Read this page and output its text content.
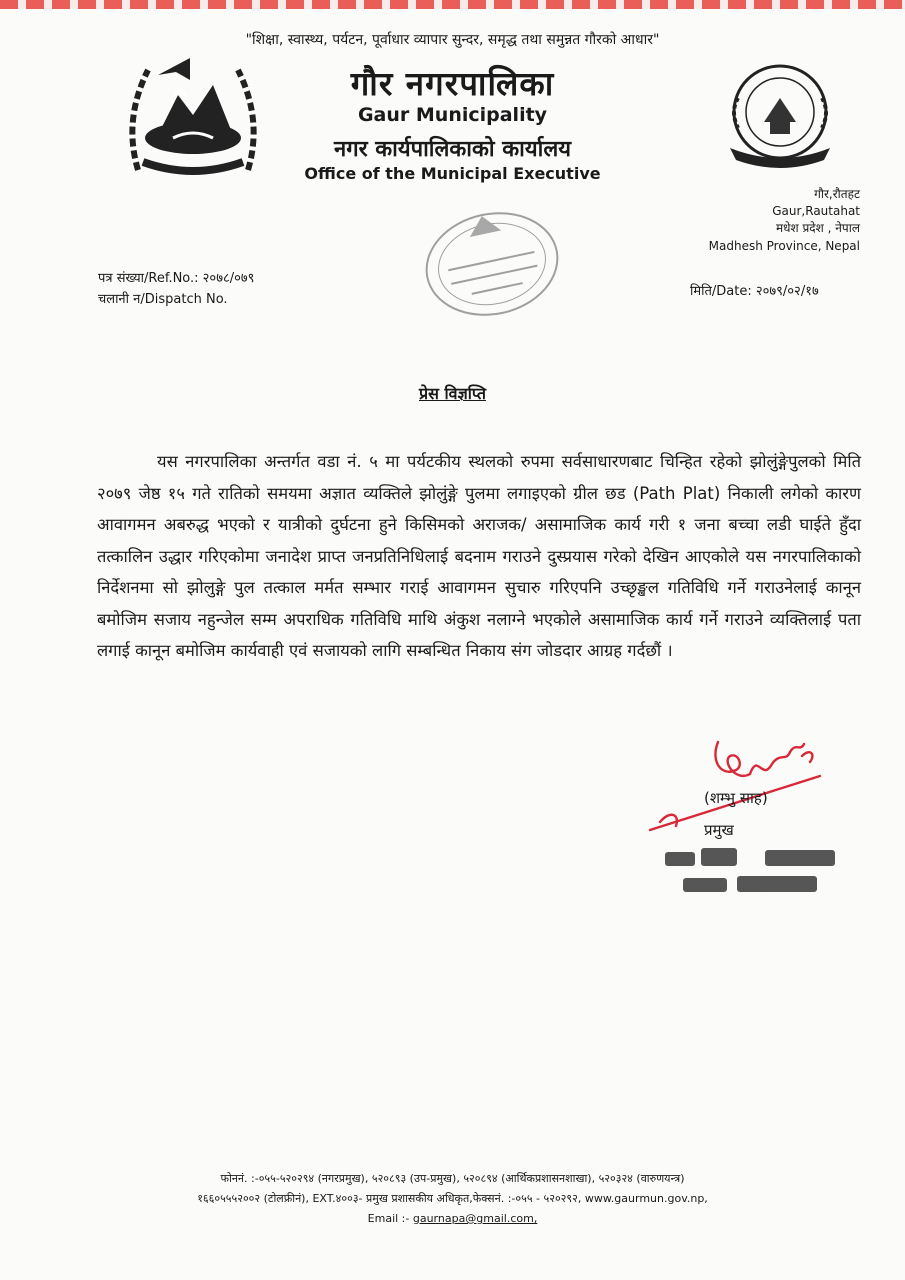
"शिक्षा, स्वास्थ्य, पर्यटन, पूर्वाधार व्यापार सुन्दर, समृद्ध तथा समुन्नत गौरको आधार"
गौर नगरपालिका
Gaur Municipality
नगर कार्यपालिकाको कार्यालय
Office of the Municipal Executive
गौर,रौतहट
Gaur,Rautahat
मधेश प्रदेश , नेपाल
Madhesh Province, Nepal
पत्र संख्या/Ref.No.: २०७८/०७९
चलानी न/Dispatch No.
मिति/Date: २०७९/०२/१७
प्रेस विज्ञप्ति
यस नगरपालिका अन्तर्गत वडा नं. ५ मा पर्यटकीय स्थलको रुपमा सर्वसाधारणबाट चिन्हित रहेको झोलुंङ्गेपुलको मिति २०७९ जेष्ठ १५ गते रातिको समयमा अज्ञात व्यक्तिले झोलुंङ्गे पुलमा लगाइएको ग्रील छड (Path Plat) निकाली लगेको कारण आवागमन अबरुद्ध भएको र यात्रीको दुर्घटना हुने किसिमको अराजक/ असामाजिक कार्य गरी १ जना बच्चा लडी घाईते हुँदा तत्कालिन उद्धार गरिएकोमा जनादेश प्राप्त जनप्रतिनिधिलाई बदनाम गराउने दुस्प्रयास गरेको देखिन आएकोले यस नगरपालिकाको निर्देशनमा सो झोलुङ्गे पुल तत्काल मर्मत सम्भार गराई आवागमन सुचारु गरिएपनि उच्छृङ्खल गतिविधि गर्ने गराउनेलाई कानून बमोजिम सजाय नहुन्जेल सम्म अपराधिक गतिविधि माथि अंकुश नलाग्ने भएकोले असामाजिक कार्य गर्ने गराउने व्यक्तिलाई पता लगाई कानून बमोजिम कार्यवाही एवं सजायको लागि सम्बन्धित निकाय संग जोडदार आग्रह गर्दछौं ।
(शम्भु साह)
प्रमुख
फोननं. :-०५५-५२०२९४ (नगरप्रमुख), ५२०८९३ (उप-प्रमुख), ५२०८९४ (आर्थिकप्रशासनशाखा), ५२०३२४ (वारुणयन्त्र)
१६६०५५५२००२ (टोलफ्रीनं), EXT.४००३- प्रमुख प्रशासकीय अधिकृत,फेक्सनं. :-०५५ - ५२०२९२, www.gaurmun.gov.np,
Email :- gaurnapa@gmail.com,
